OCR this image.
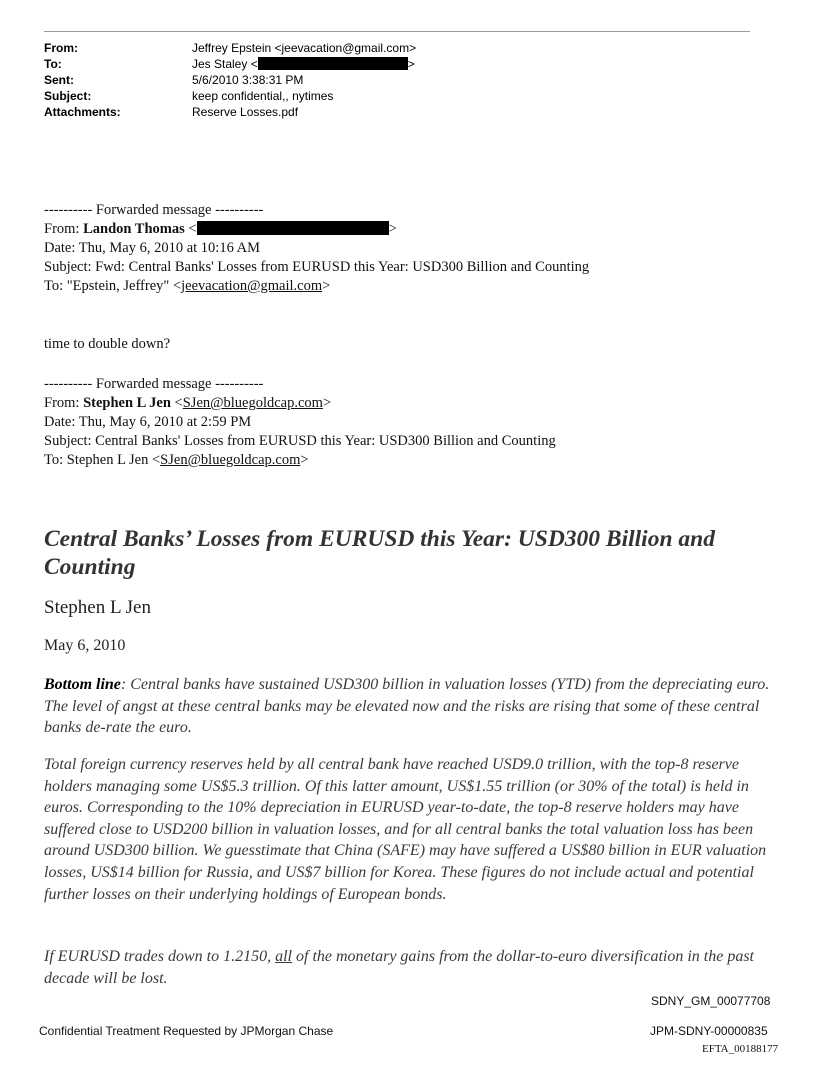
From:	Jeffrey Epstein <jeevacation@gmail.com>
To:	Jes Staley <	>
Sent:	5/6/2010 3:38:31 PM
Subject:	keep confidential,, nytimes
Attachments:	Reserve Losses.pdf
---------- Forwarded message ----------
From: Landon Thomas <	>
Date: Thu, May 6, 2010 at 10:16 AM
Subject: Fwd: Central Banks' Losses from EURUSD this Year: USD300 Billion and Counting
To: "Epstein, Jeffrey" <jeevacation@gmail.com>
time to double down?
---------- Forwarded message ----------
From: Stephen L Jen <SJen@bluegoldcap.com>
Date: Thu, May 6, 2010 at 2:59 PM
Subject: Central Banks' Losses from EURUSD this Year: USD300 Billion and Counting
To: Stephen L Jen <SJen@bluegoldcap.com>
Central Banks’ Losses from EURUSD this Year: USD300 Billion and Counting
Stephen L Jen
May 6, 2010
Bottom line: Central banks have sustained USD300 billion in valuation losses (YTD) from the depreciating euro. The level of angst at these central banks may be elevated now and the risks are rising that some of these central banks de-rate the euro.
Total foreign currency reserves held by all central bank have reached USD9.0 trillion, with the top-8 reserve holders managing some US$5.3 trillion. Of this latter amount, US$1.55 trillion (or 30% of the total) is held in euros. Corresponding to the 10% depreciation in EURUSD year-to-date, the top-8 reserve holders may have suffered close to USD200 billion in valuation losses, and for all central banks the total valuation loss has been around USD300 billion. We guesstimate that China (SAFE) may have suffered a US$80 billion in EUR valuation losses, US$14 billion for Russia, and US$7 billion for Korea. These figures do not include actual and potential further losses on their underlying holdings of European bonds.
If EURUSD trades down to 1.2150, all of the monetary gains from the dollar-to-euro diversification in the past decade will be lost.
SDNY_GM_00077708
Confidential Treatment Requested by JPMorgan Chase	JPM-SDNY-00000835
EFTA_00188177
